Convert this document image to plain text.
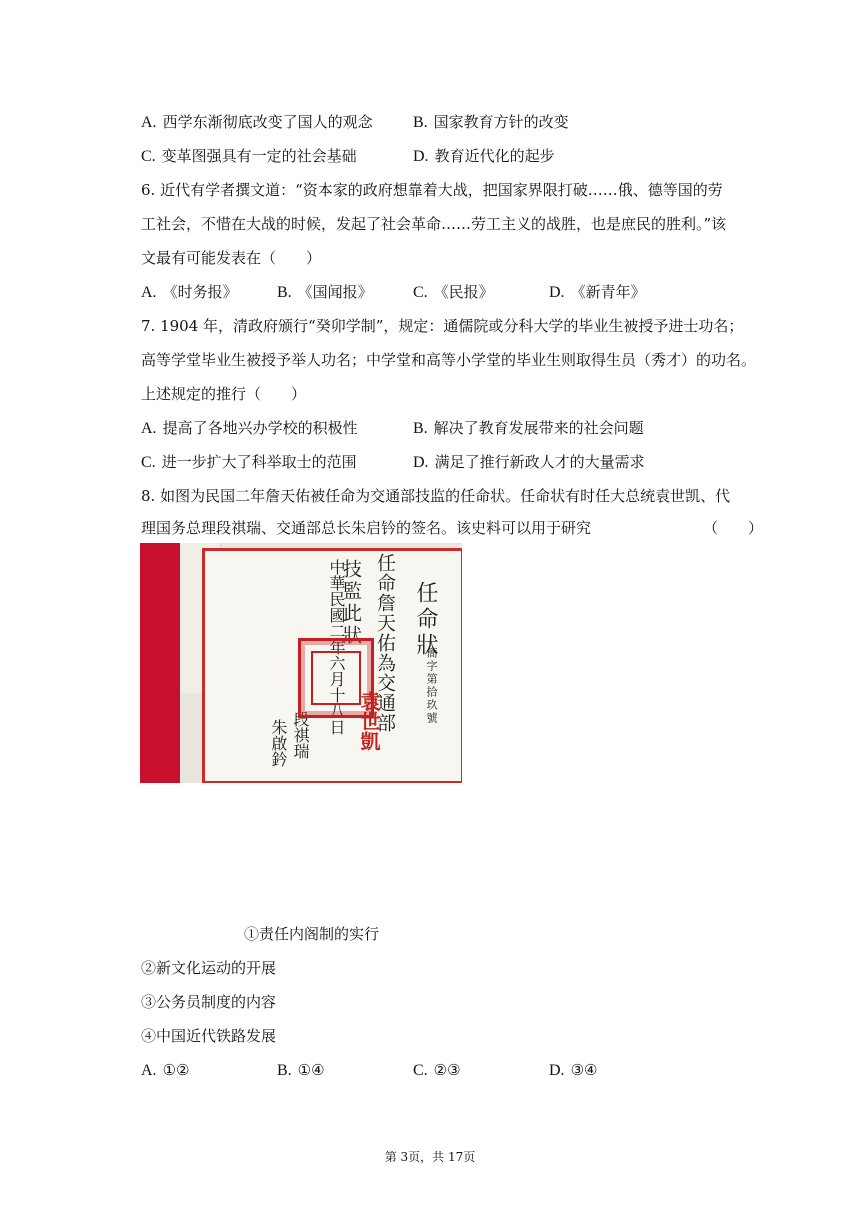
A. 西学东渐彻底改变了国人的观念	B. 国家教育方针的改变
C. 变革图强具有一定的社会基础	D. 教育近代化的起步
6. 近代有学者撰文道：“资本家的政府想靠着大战，把国家界限打破……俄、德等国的劳
工社会，不惜在大战的时候，发起了社会革命……劳工主义的战胜，也是庶民的胜利。”该
文最有可能发表在（　　）
A. 《时务报》 B. 《国闻报》	C. 《民报》	D. 《新青年》
7. 1904 年，清政府颁行“癸卯学制”，规定：通儒院或分科大学的毕业生被授予进士功名；
高等学堂毕业生被授予举人功名；中学堂和高等小学堂的毕业生则取得生员（秀才）的功名。
上述规定的推行（　　）
A. 提高了各地兴办学校的积极性	B. 解决了教育发展带来的社会问题
C. 进一步扩大了科举取士的范围	D. 满足了推行新政人才的大量需求
8. 如图为民国二年詹天佑被任命为交通部技监的任命状。任命状有时任大总统袁世凯、代
理国务总理段祺瑞、交通部总长朱启钤的签名。该史料可以用于研究	（　　）
任命狀
簡字第拾玖號
任命詹天佑為交通部
技監此狀
中華民國二年六月十八日 袁世凱
段祺瑞
朱啟鈐
①责任内阁制的实行
②新文化运动的开展
③公务员制度的内容
④中国近代铁路发展
A. ①②	B. ①④	C. ②③	D. ③④
第 3页，共 17页
